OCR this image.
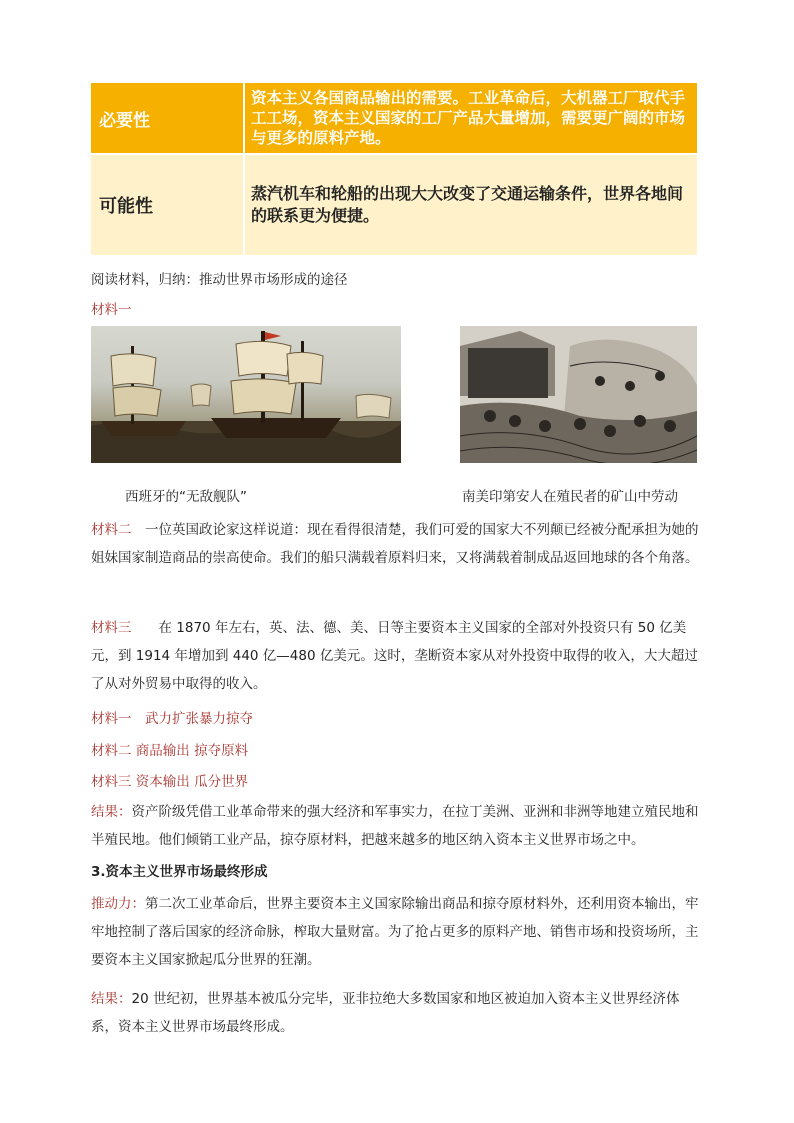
必要性	资本主义各国商品输出的需要。工业革命后，大机器工厂取代手工工场，资本主义国家的工厂产品大量增加，需要更广阔的市场与更多的原料产地。
可能性	蒸汽机车和轮船的出现大大改变了交通运输条件，世界各地间的联系更为便捷。
阅读材料，归纳：推动世界市场形成的途径
材料一
西班牙的“无敌舰队”	南美印第安人在殖民者的矿山中劳动
材料二　 一位英国政论家这样说道：现在看得很清楚，我们可爱的国家大不列颠已经被分配承担为她的姐妹国家制造商品的崇高使命。我们的船只满载着原料归来，又将满载着制成品返回地球的各个角落。
材料三　　 在 1870 年左右，英、法、德、美、日等主要资本主义国家的全部对外投资只有 50 亿美元，到 1914 年增加到 440 亿—480 亿美元。这时，垄断资本家从对外投资中取得的收入，大大超过了从对外贸易中取得的收入。
材料一　武力扩张暴力掠夺
材料二 商品输出 掠夺原料
材料三 资本输出 瓜分世界
结果：资产阶级凭借工业革命带来的强大经济和军事实力，在拉丁美洲、亚洲和非洲等地建立殖民地和半殖民地。他们倾销工业产品，掠夺原材料，把越来越多的地区纳入资本主义世界市场之中。
3.资本主义世界市场最终形成
推动力：第二次工业革命后，世界主要资本主义国家除输出商品和掠夺原材料外，还利用资本输出，牢牢地控制了落后国家的经济命脉，榨取大量财富。为了抢占更多的原料产地、销售市场和投资场所，主要资本主义国家掀起瓜分世界的狂潮。
结果：20 世纪初，世界基本被瓜分完毕，亚非拉绝大多数国家和地区被迫加入资本主义世界经济体系，资本主义世界市场最终形成。
